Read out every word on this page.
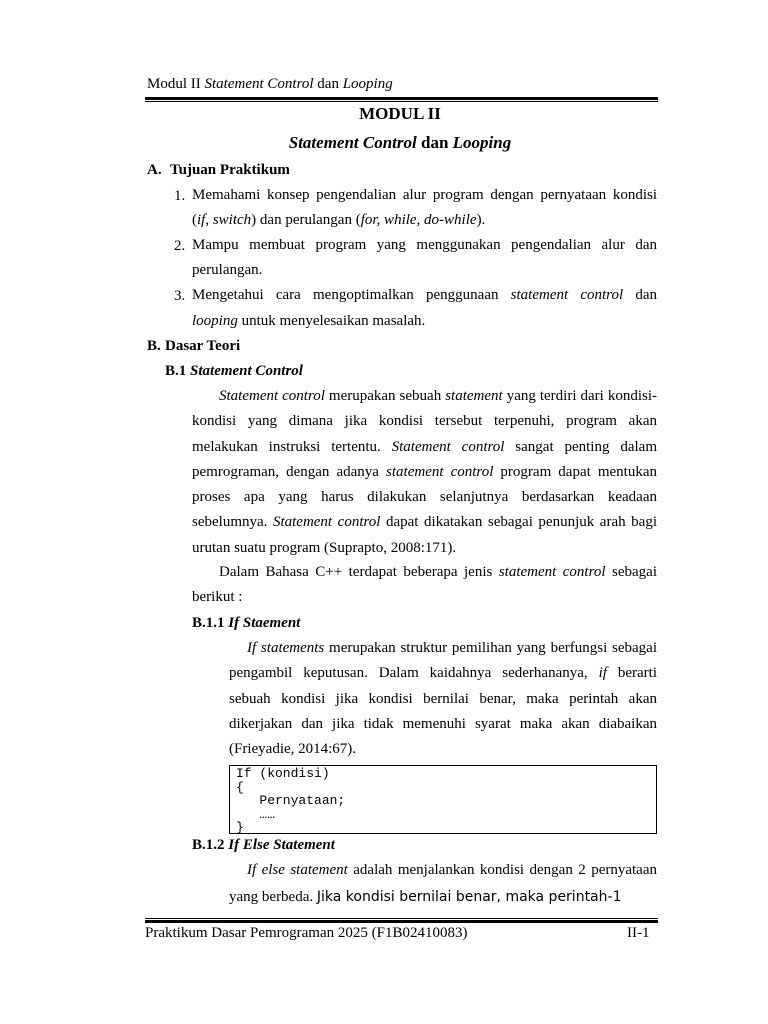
Modul II Statement Control dan Looping
MODUL II
Statement Control dan Looping
A. Tujuan Praktikum
1. Memahami konsep pengendalian alur program dengan pernyataan kondisi
(if, switch) dan perulangan (for, while, do-while).
2. Mampu membuat program yang menggunakan pengendalian alur dan
perulangan.
3. Mengetahui cara mengoptimalkan penggunaan statement control dan
looping untuk menyelesaikan masalah.
B. Dasar Teori
B.1 Statement Control
Statement control merupakan sebuah statement yang terdiri dari kondisi-kondisi yang dimana jika kondisi tersebut terpenuhi, program akan melakukan instruksi tertentu. Statement control sangat penting dalam pemrograman, dengan adanya statement control program dapat mentukan proses apa yang harus dilakukan selanjutnya berdasarkan keadaan sebelumnya. Statement control dapat dikatakan sebagai penunjuk arah bagi urutan suatu program (Suprapto, 2008:171).
Dalam Bahasa C++ terdapat beberapa jenis statement control sebagai berikut :
B.1.1 If Staement
If statements merupakan struktur pemilihan yang berfungsi sebagai pengambil keputusan. Dalam kaidahnya sederhananya, if berarti sebuah kondisi jika kondisi bernilai benar, maka perintah akan dikerjakan dan jika tidak memenuhi syarat maka akan diabaikan (Frieyadie, 2014:67).
If (kondisi)
{
Pernyataan;
……
}
B.1.2 If Else Statement
If else statement adalah menjalankan kondisi dengan 2 pernyataan
yang berbeda. Jika kondisi bernilai benar, maka perintah-1
Praktikum Dasar Pemrograman 2025 (F1B02410083)	II-1
